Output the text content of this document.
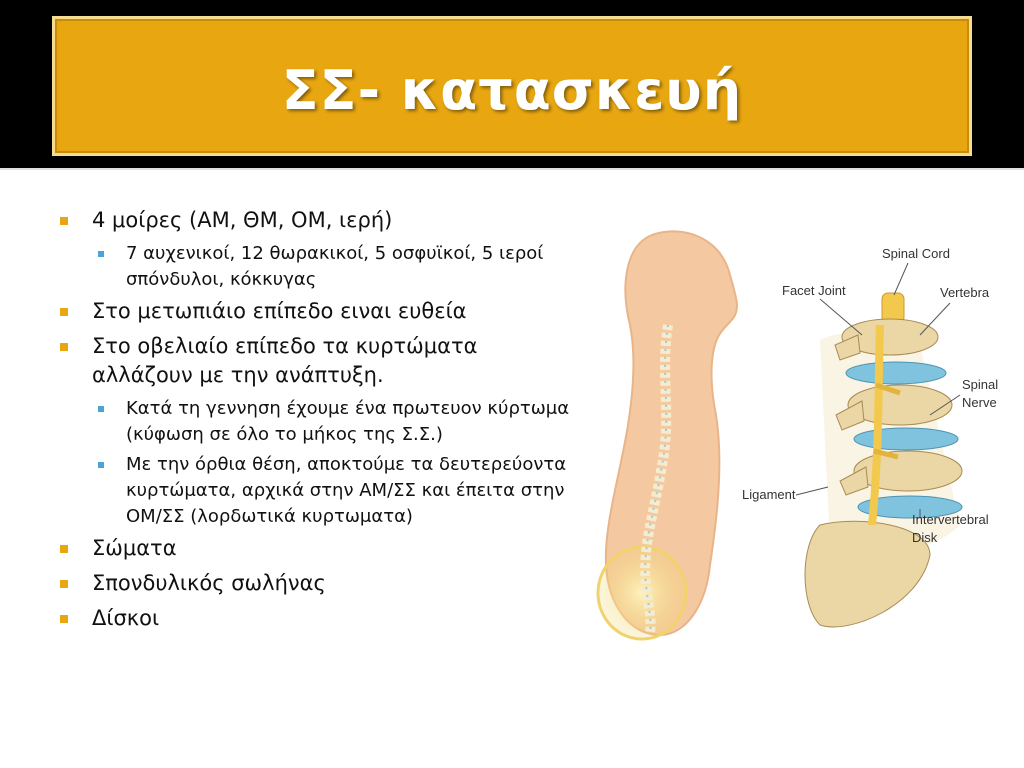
ΣΣ- κατασκευή
4 μοίρες (ΑΜ, ΘΜ, ΟΜ, ιερή)
7 αυχενικοί, 12 θωρακικοί, 5 οσφυϊκοί, 5 ιεροί σπόνδυλοι, κόκκυγας
Στο μετωπιάιο επίπεδο ειναι ευθεία
Στο οβελιαίο επίπεδο τα κυρτώματα αλλάζουν με την ανάπτυξη.
Κατά τη γεννηση έχουμε ένα πρωτευον κύρτωμα (κύφωση σε όλο το μήκος της Σ.Σ.)
Με την όρθια θέση, αποκτούμε τα δευτερεύοντα κυρτώματα, αρχικά στην ΑΜ/ΣΣ και έπειτα στην ΟΜ/ΣΣ (λορδωτικά κυρτωματα)
Σώματα
Σπονδυλικός σωλήνας
Δίσκοι
Spinal Cord
Facet Joint	Vertebra
Spinal
Nerve
Ligament
Intervertebral
Disk
